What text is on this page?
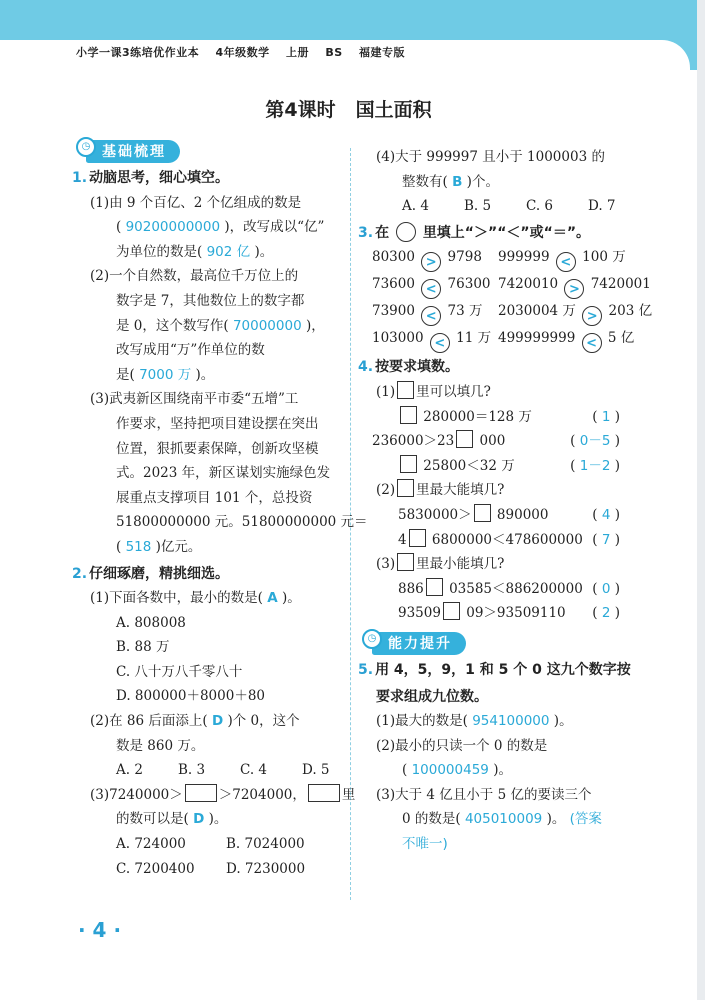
小学一课3练培优作业本 4年级数学 上册 BS 福建专版
第4课时 国土面积
◷ 基础梳理
1. 动脑思考，细心填空。
(1)由 9 个百亿、2 个亿组成的数是
( 90200000000 )，改写成以“亿”
为单位的数是( 902 亿 )。
(2)一个自然数，最高位千万位上的
数字是 7，其他数位上的数字都
是 0，这个数写作( 70000000 )，
改写成用“万”作单位的数
是( 7000 万 )。
(3)武夷新区围绕南平市委“五增”工
作要求，坚持把项目建设摆在突出
位置，狠抓要素保障，创新攻坚模
式。2023 年，新区谋划实施绿色发
展重点支撑项目 101 个，总投资
51800000000 元。51800000000 元＝
( 518 )亿元。
2. 仔细琢磨，精挑细选。
(1)下面各数中，最小的数是( A )。
A. 808008
B. 88 万
C. 八十万八千零八十
D. 800000＋8000＋80
(2)在 86 后面添上( D )个 0，这个
数是 860 万。
A. 2	B. 3	C. 4	D. 5
(3)7240000＞	＞7204000，	里
的数可以是( D )。
A. 724000	B. 7024000
C. 7200400 D. 7230000
(4)大于 999997 且小于 1000003 的
整数有( B )个。
A. 4	B. 5	C. 6	D. 7
3. 在 里填上“＞”“＜”或“＝”。
80300 > 9798 999999 < 100 万
73600 < 76300 7420010 > 7420001
73900 < 73 万 2030004 万 > 203 亿
103000 < 11 万 499999999 < 5 亿
4. 按要求填数。
(1) 里可以填几?
280000＝128 万	( 1 )
236000＞23 000	( 0－5 )
25800＜32 万	( 1－2 )
(2) 里最大能填几?
5830000＞ 890000	( 4 )
4 6800000＜478600000 ( 7 )
(3) 里最小能填几?
886 03585＜886200000 ( 0 )
93509 09＞93509110 ( 2 )
◷ 能力提升
5. 用 4，5，9，1 和 5 个 0 这九个数字按
要求组成九位数。
(1)最大的数是( 954100000 )。
(2)最小的只读一个 0 的数是
( 100000459 )。
(3)大于 4 亿且小于 5 亿的要读三个
0 的数是( 405010009 )。 (答案
不唯一)
· 4 ·
